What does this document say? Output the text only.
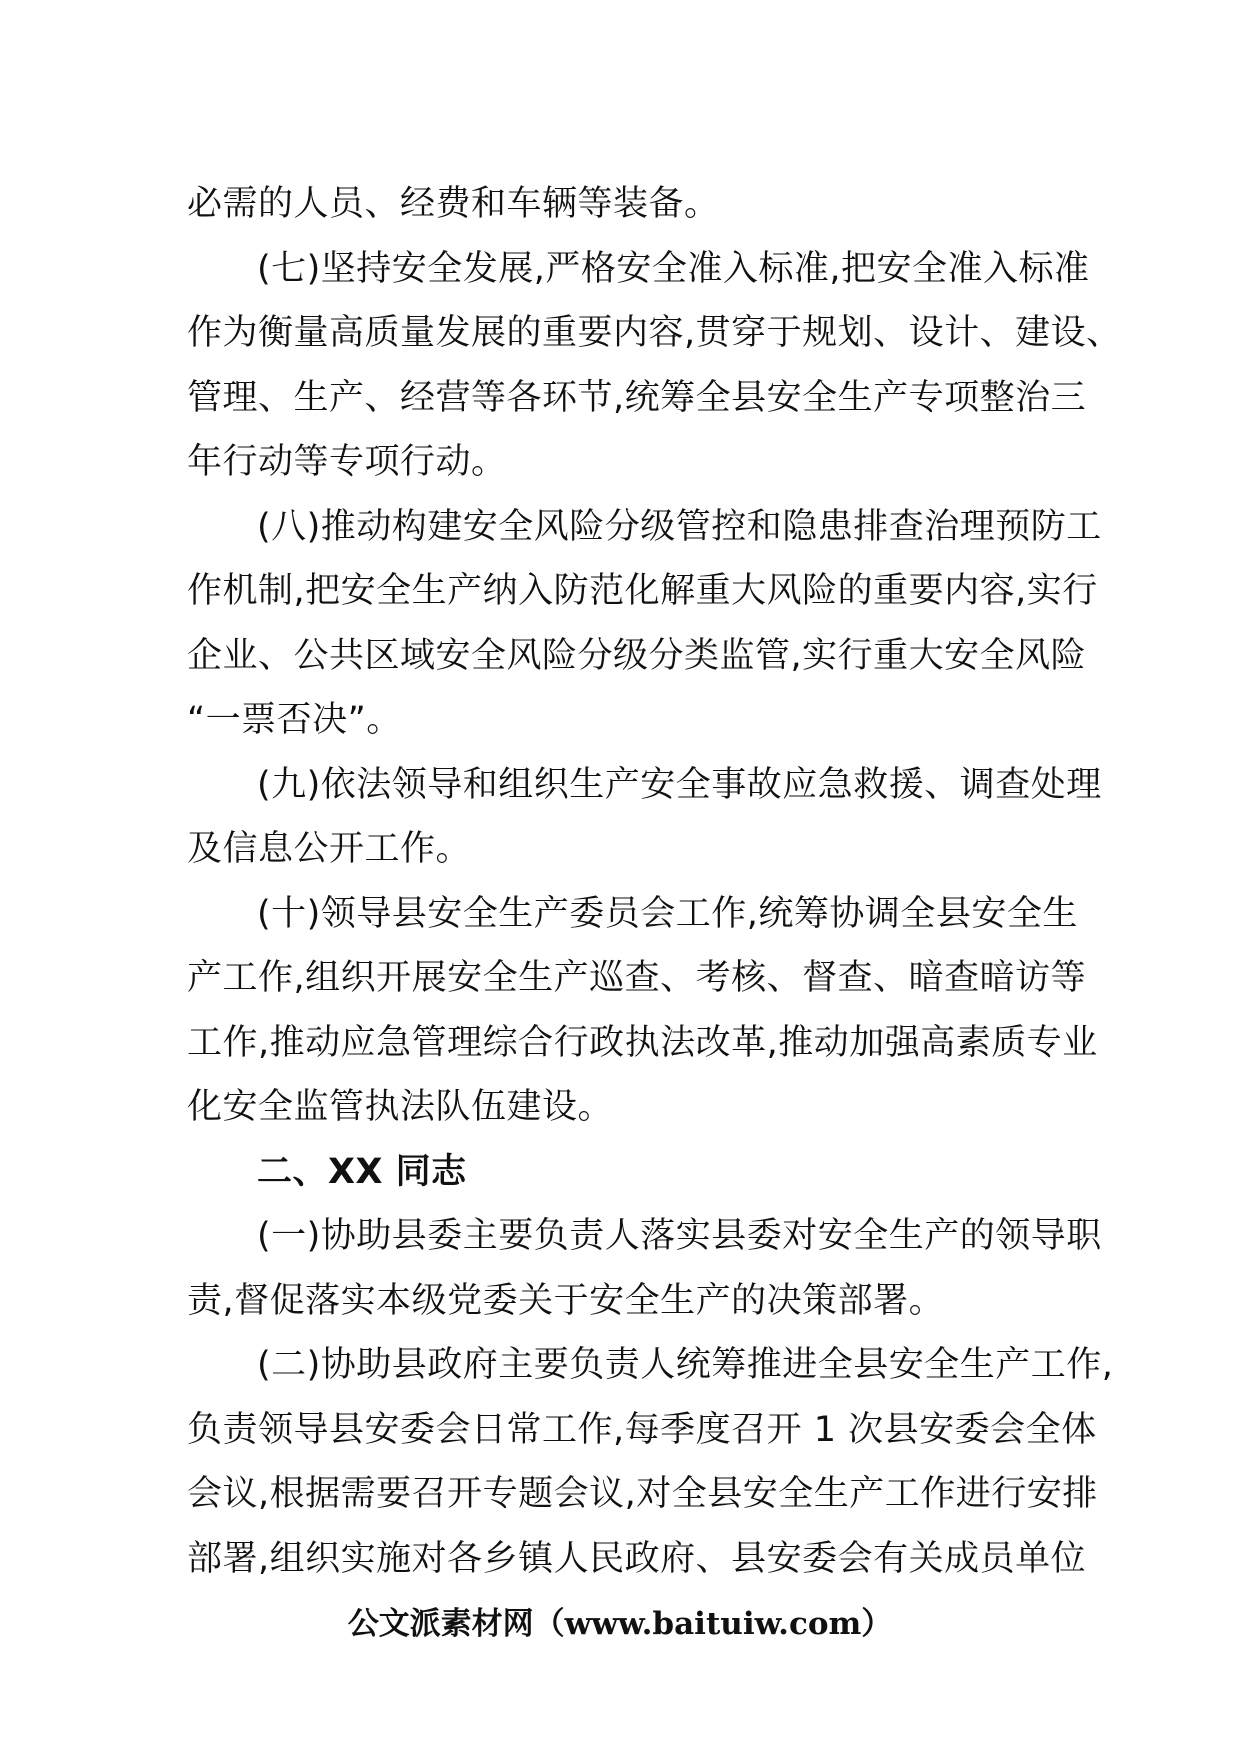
必需的人员、经费和车辆等装备。
(七)坚持安全发展,严格安全准入标准,把安全准入标准
作为衡量高质量发展的重要内容,贯穿于规划、设计、建设、
管理、生产、经营等各环节,统筹全县安全生产专项整治三
年行动等专项行动。
(八)推动构建安全风险分级管控和隐患排查治理预防工
作机制,把安全生产纳入防范化解重大风险的重要内容,实行
企业、公共区域安全风险分级分类监管,实行重大安全风险
“一票否决”。
(九)依法领导和组织生产安全事故应急救援、调查处理
及信息公开工作。
(十)领导县安全生产委员会工作,统筹协调全县安全生
产工作,组织开展安全生产巡查、考核、督查、暗查暗访等
工作,推动应急管理综合行政执法改革,推动加强高素质专业
化安全监管执法队伍建设。
二、XX 同志
(一)协助县委主要负责人落实县委对安全生产的领导职
责,督促落实本级党委关于安全生产的决策部署。
(二)协助县政府主要负责人统筹推进全县安全生产工作,
负责领导县安委会日常工作,每季度召开 1 次县安委会全体
会议,根据需要召开专题会议,对全县安全生产工作进行安排
部署,组织实施对各乡镇人民政府、县安委会有关成员单位
公文派素材网（www.baituiw.com）
